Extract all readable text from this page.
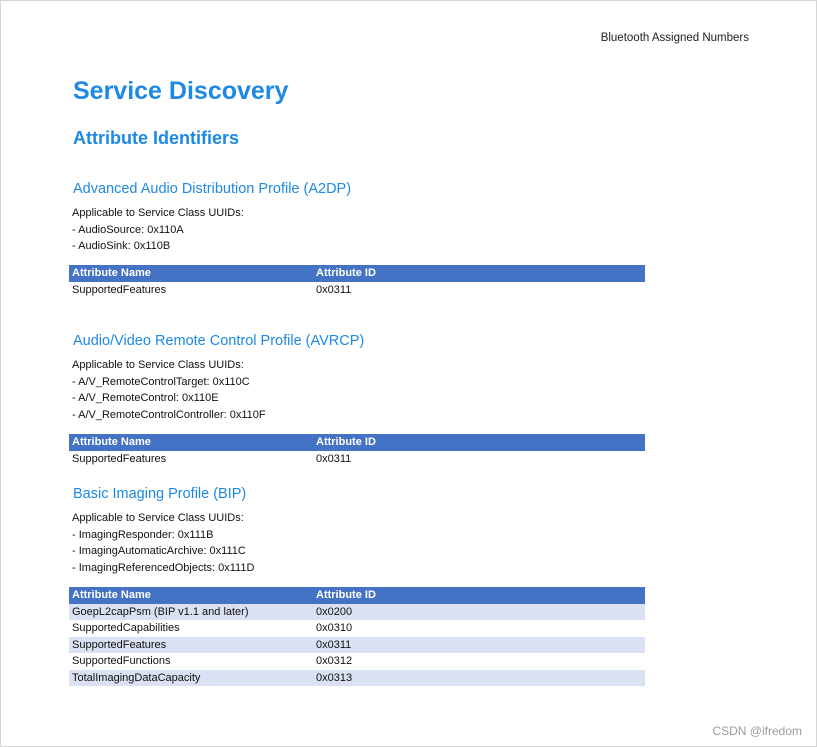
Bluetooth Assigned Numbers
Service Discovery
Attribute Identifiers
Advanced Audio Distribution Profile (A2DP)
Applicable to Service Class UUIDs:
- AudioSource: 0x110A
- AudioSink: 0x110B
Attribute Name	Attribute ID
SupportedFeatures	0x0311
Audio/Video Remote Control Profile (AVRCP)
Applicable to Service Class UUIDs:
- A/V_RemoteControlTarget: 0x110C
- A/V_RemoteControl: 0x110E
- A/V_RemoteControlController: 0x110F
Attribute Name	Attribute ID
SupportedFeatures	0x0311
Basic Imaging Profile (BIP)
Applicable to Service Class UUIDs:
- ImagingResponder: 0x111B
- ImagingAutomaticArchive: 0x111C
- ImagingReferencedObjects: 0x111D
Attribute Name	Attribute ID
GoepL2capPsm (BIP v1.1 and later)	0x0200
SupportedCapabilities	0x0310
SupportedFeatures	0x0311
SupportedFunctions	0x0312
TotalImagingDataCapacity	0x0313
CSDN @ifredom
